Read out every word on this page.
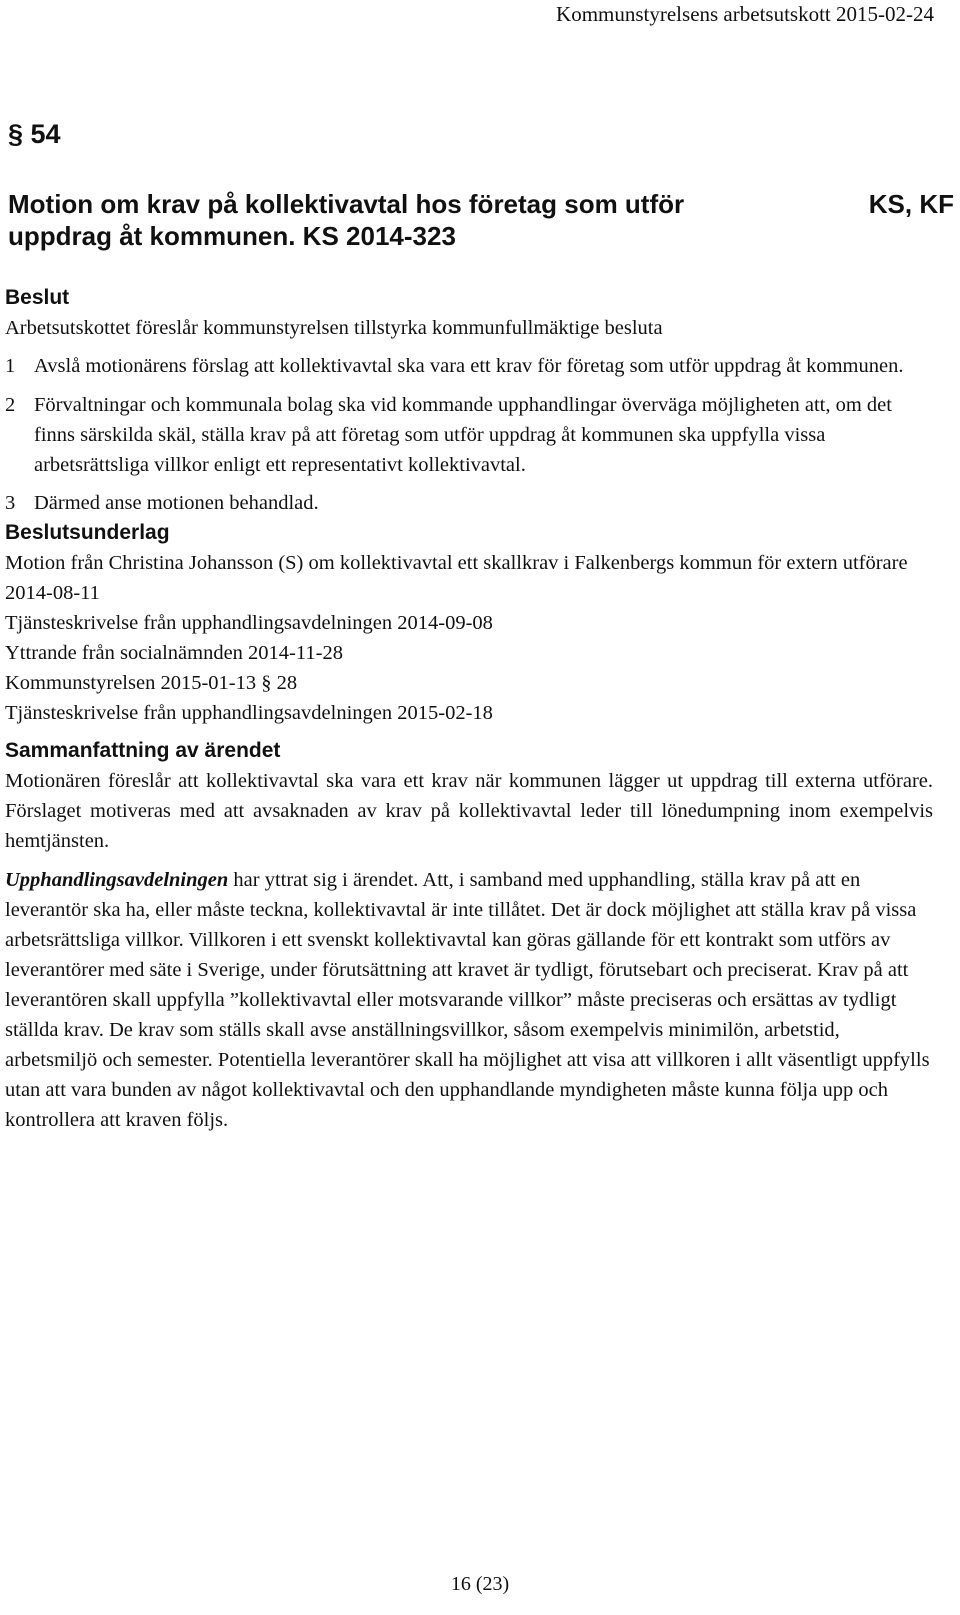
Kommunstyrelsens arbetsutskott 2015-02-24
§ 54
Motion om krav på kollektivavtal hos företag som utför
uppdrag åt kommunen. KS 2014-323
KS, KF
Beslut

Arbetsutskottet föreslår kommunstyrelsen tillstyrka kommunfullmäktige besluta

1 Avslå motionärens förslag att kollektivavtal ska vara ett krav för företag som utför uppdrag åt kommunen.
2 Förvaltningar och kommunala bolag ska vid kommande upphandlingar överväga möjligheten att, om det finns särskilda skäl, ställa krav på att företag som utför uppdrag åt kommunen ska uppfylla vissa arbetsrättsliga villkor enligt ett representativt kollektivavtal.
3 Därmed anse motionen behandlad.
Beslutsunderlag

Motion från Christina Johansson (S) om kollektivavtal ett skallkrav i Falkenbergs kommun för extern utförare 2014-08-11

Tjänsteskrivelse från upphandlingsavdelningen 2014-09-08

Yttrande från socialnämnden 2014-11-28

Kommunstyrelsen 2015-01-13 § 28

Tjänsteskrivelse från upphandlingsavdelningen 2015-02-18

Sammanfattning av ärendet

Motionären föreslår att kollektivavtal ska vara ett krav när kommunen lägger ut uppdrag till externa utförare. Förslaget motiveras med att avsaknaden av krav på kollektivavtal leder till lönedumpning inom exempelvis hemtjänsten.

Upphandlingsavdelningen har yttrat sig i ärendet. Att, i samband med upphandling, ställa krav på att en leverantör ska ha, eller måste teckna, kollektivavtal är inte tillåtet. Det är dock möjlighet att ställa krav på vissa arbetsrättsliga villkor. Villkoren i ett svenskt kollektivavtal kan göras gällande för ett kontrakt som utförs av leverantörer med säte i Sverige, under förutsättning att kravet är tydligt, förutsebart och preciserat. Krav på att leverantören skall uppfylla ”kollektivavtal eller motsvarande villkor” måste preciseras och ersättas av tydligt ställda krav. De krav som ställs skall avse anställningsvillkor, såsom exempelvis minimilön, arbetstid, arbetsmiljö och semester. Potentiella leverantörer skall ha möjlighet att visa att villkoren i allt väsentligt uppfylls utan att vara bunden av något kollektivavtal och den upphandlande myndigheten måste kunna följa upp och kontrollera att kraven följs.

16 (23)
